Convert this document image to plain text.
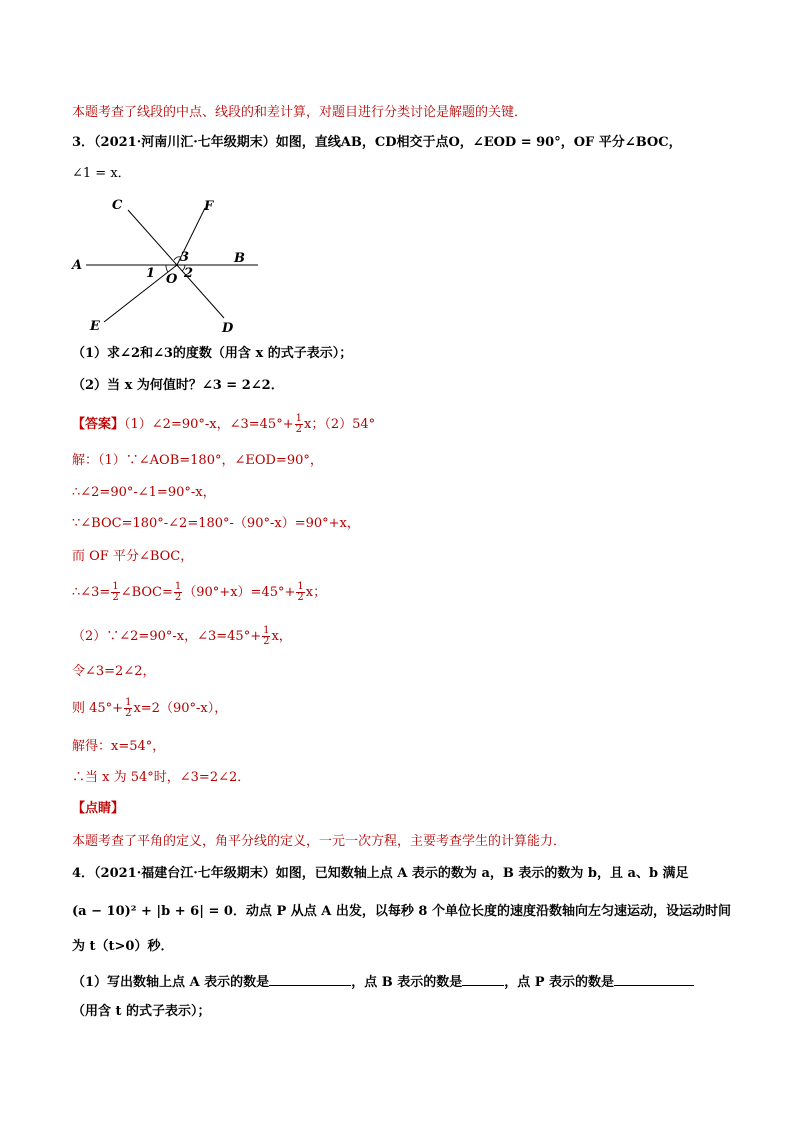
本题考查了线段的中点、线段的和差计算，对题目进行分类讨论是解题的关键．
3．（2021·河南川汇·七年级期末）如图，直线AB，CD相交于点O，∠EOD = 90°，OF 平分∠BOC，
∠1 = x．
A	B
C
D
E
F
O
1 2
3
（1）求∠2和∠3的度数（用含 x 的式子表示）；
（2）当 x 为何值时？∠3 = 2∠2．
【答案】（1）∠2=90°-x，∠3=45°+ $\frac{1}{2}$ x；（2）54°
解：（1）∵∠AOB=180°，∠EOD=90°，
∴∠2=90°-∠1=90°-x，
∵∠BOC=180°-∠2=180°-（90°-x）=90°+x，
而 OF 平分∠BOC，
∴∠3= $\frac{1}{2}$ ∠BOC= $\frac{1}{2} (90^\circ+x)=45^\circ+ \frac{1}{2}$ x；
（2）∵∠2=90°-x，∠3=45°+ $\frac{1}{2}$ x，
令∠3=2∠2，
则 $45^\circ+ \frac{1}{2} x=2(90^\circ-x)$，
解得：x=54°，
∴当 x 为 54°时，∠3=2∠2．
【点睛】
本题考查了平角的定义，角平分线的定义，一元一次方程，主要考查学生的计算能力．
4．（2021·福建台江·七年级期末）如图，已知数轴上点 A 表示的数为 a，B 表示的数为 b，且 a、b 满足
(a − 10)² + |b + 6| = 0．动点 P 从点 A 出发，以每秒 8 个单位长度的速度沿数轴向左匀速运动，设运动时间
为 t（t>0）秒．
（1）写出数轴上点 A 表示的数是	，点 B 表示的数是	，点 P 表示的数是
（用含 t 的式子表示）；
